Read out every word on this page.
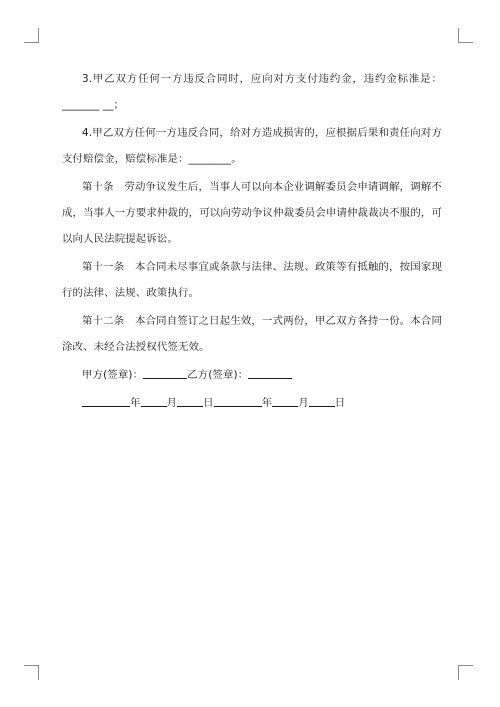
3.甲乙双方任何一方违反合同时，应向对方支付违约金，违约金标准是：_______ __；

4.甲乙双方任何一方违反合同，给对方造成损害的，应根据后果和责任向对方支付赔偿金，赔偿标准是：________。

第十条　劳动争议发生后，当事人可以向本企业调解委员会申请调解，调解不成，当事人一方要求仲裁的，可以向劳动争议仲裁委员会申请仲裁裁决不服的，可以向人民法院提起诉讼。

第十一条　本合同未尽事宜或条款与法律、法规、政策等有抵触的，按国家现行的法律、法规、政策执行。

第十二条　本合同自签订之日起生效，一式两份，甲乙双方各持一份。本合同涂改、未经合法授权代签无效。

甲方(签章)：	乙方(签章)：

年	月	日	年	月	日
